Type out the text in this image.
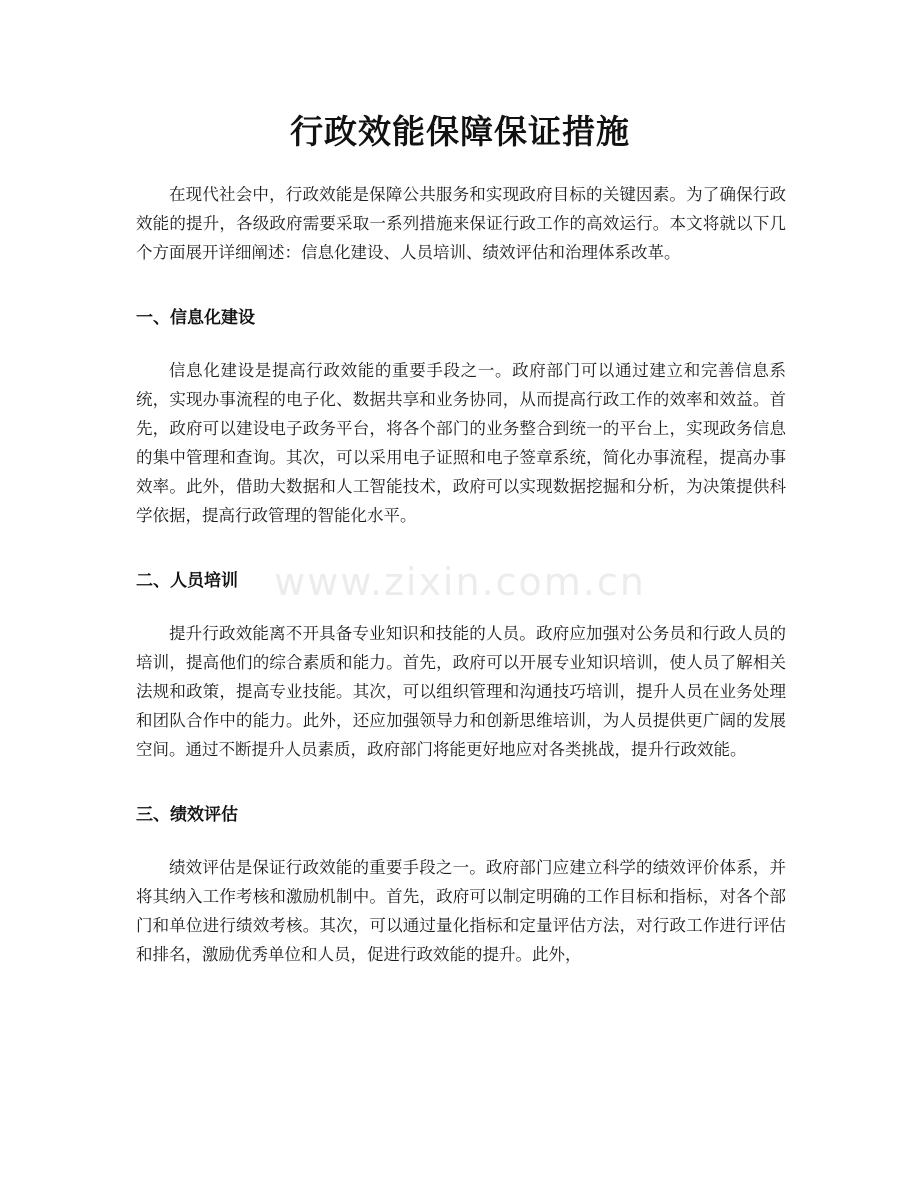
行政效能保障保证措施
www.zixin.com.cn

在现代社会中，行政效能是保障公共服务和实现政府目标的关键因素。为了确保行政效能的提升，各级政府需要采取一系列措施来保证行政工作的高效运行。本文将就以下几个方面展开详细阐述：信息化建设、人员培训、绩效评估和治理体系改革。

一、信息化建设

信息化建设是提高行政效能的重要手段之一。政府部门可以通过建立和完善信息系统，实现办事流程的电子化、数据共享和业务协同，从而提高行政工作的效率和效益。首先，政府可以建设电子政务平台，将各个部门的业务整合到统一的平台上，实现政务信息的集中管理和查询。其次，可以采用电子证照和电子签章系统，简化办事流程，提高办事效率。此外，借助大数据和人工智能技术，政府可以实现数据挖掘和分析，为决策提供科学依据，提高行政管理的智能化水平。

二、人员培训

提升行政效能离不开具备专业知识和技能的人员。政府应加强对公务员和行政人员的培训，提高他们的综合素质和能力。首先，政府可以开展专业知识培训，使人员了解相关法规和政策，提高专业技能。其次，可以组织管理和沟通技巧培训，提升人员在业务处理和团队合作中的能力。此外，还应加强领导力和创新思维培训，为人员提供更广阔的发展空间。通过不断提升人员素质，政府部门将能更好地应对各类挑战，提升行政效能。

三、绩效评估

绩效评估是保证行政效能的重要手段之一。政府部门应建立科学的绩效评价体系，并将其纳入工作考核和激励机制中。首先，政府可以制定明确的工作目标和指标，对各个部门和单位进行绩效考核。其次，可以通过量化指标和定量评估方法，对行政工作进行评估和排名，激励优秀单位和人员，促进行政效能的提升。此外，
